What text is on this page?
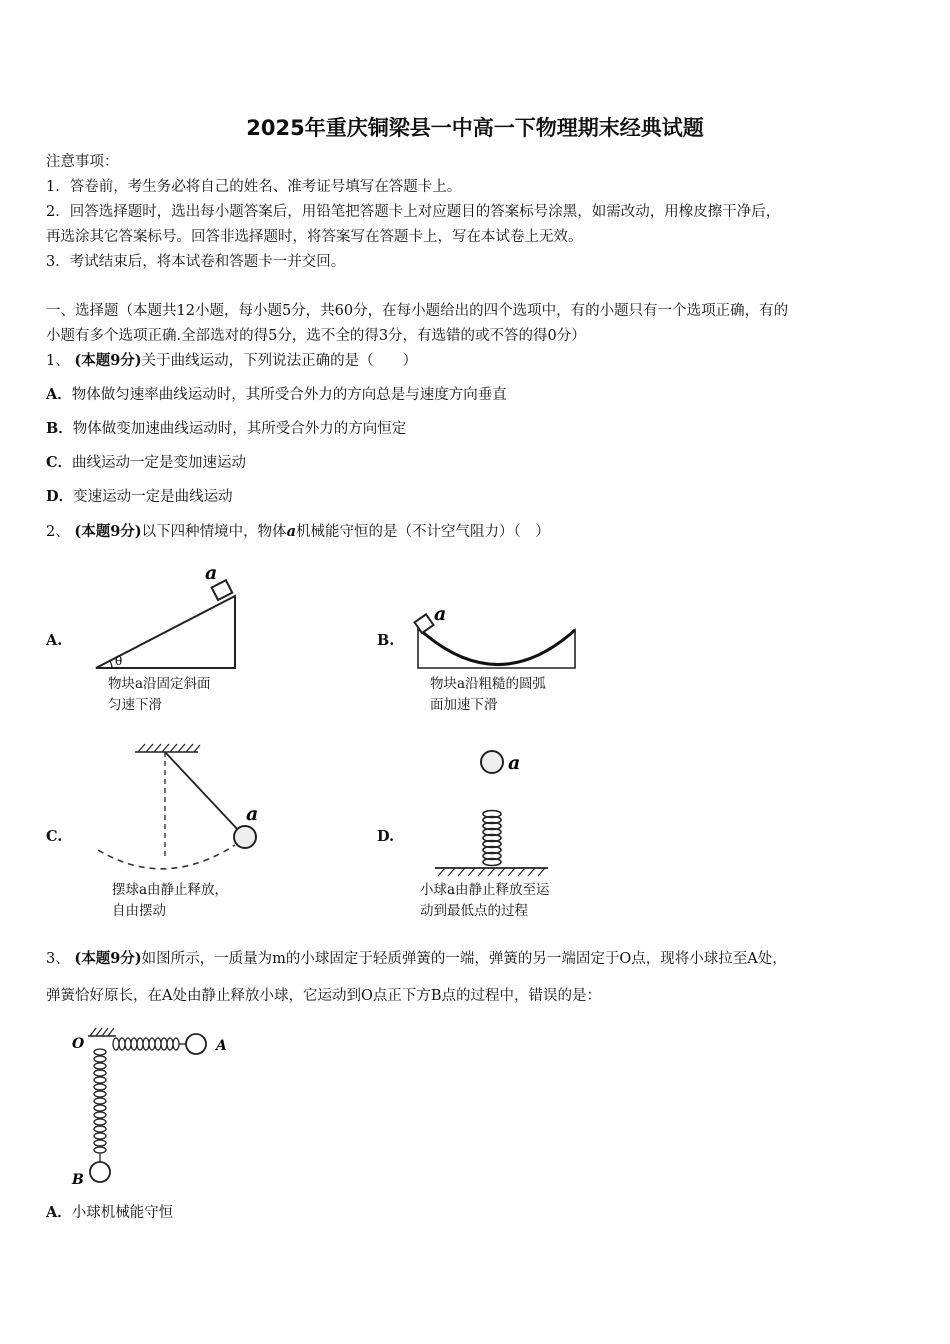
2025年重庆铜梁县一中高一下物理期末经典试题
注意事项：
1．答卷前，考生务必将自己的姓名、准考证号填写在答题卡上。
2．回答选择题时，选出每小题答案后，用铅笔把答题卡上对应题目的答案标号涂黑，如需改动，用橡皮擦干净后，
再选涂其它答案标号。回答非选择题时，将答案写在答题卡上，写在本试卷上无效。
3．考试结束后，将本试卷和答题卡一并交回。
一、选择题（本题共12小题，每小题5分，共60分，在每小题给出的四个选项中，有的小题只有一个选项正确，有的
小题有多个选项正确.全部选对的得5分，选不全的得3分，有选错的或不答的得0分）
1、 (本题9分)关于曲线运动，下列说法正确的是（　　）
A．物体做匀速率曲线运动时，其所受合外力的方向总是与速度方向垂直
B．物体做变加速曲线运动时，其所受合外力的方向恒定
C．曲线运动一定是变加速运动
D．变速运动一定是曲线运动
2、 (本题9分)以下四种情境中，物体a机械能守恒的是（不计空气阻力）（　）
A.
θ
a
物块a沿固定斜面
匀速下滑
B.
a
物块a沿粗糙的圆弧
面加速下滑
C.
a
摆球a由静止释放，
自由摆动
D.
a
小球a由静止释放至运
动到最低点的过程
3、 (本题9分)如图所示，一质量为m的小球固定于轻质弹簧的一端，弹簧的另一端固定于O点，现将小球拉至A处，
弹簧恰好原长，在A处由静止释放小球，它运动到O点正下方B点的过程中，错误的是：
O	A
B
A．小球机械能守恒
